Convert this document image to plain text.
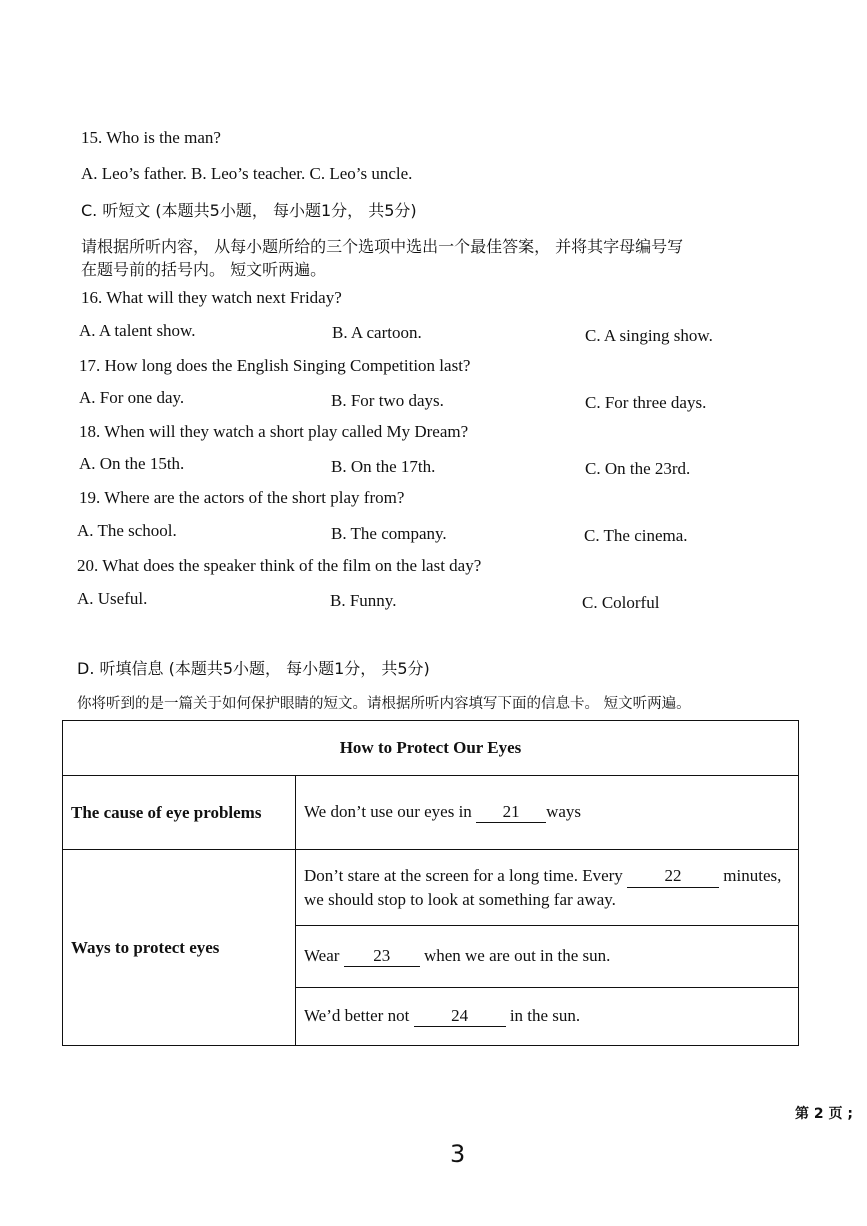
15. Who is the man?
A. Leo’s father. B. Leo’s teacher. C. Leo’s uncle.
C. 听短文 (本题共5小题， 每小题1分， 共5分)
请根据所听内容， 从每小题所给的三个选项中选出一个最佳答案， 并将其字母编号写
在题号前的括号内。 短文听两遍。
16. What will they watch next Friday?
A. A talent show.	B. A cartoon.	C. A singing show.
17. How long does the English Singing Competition last?
A. For one day.	B. For two days.	C. For three days.
18. When will they watch a short play called My Dream?
A. On the 15th.	B. On the 17th.	C. On the 23rd.
19. Where are the actors of the short play from?
A. The school.	B. The company.	C. The cinema.
20. What does the speaker think of the film on the last day?
A. Useful.	B. Funny.	C. Colorful
D. 听填信息 (本题共5小题， 每小题1分， 共5分)
你将听到的是一篇关于如何保护眼睛的短文。请根据所听内容填写下面的信息卡。 短文听两遍。
How to Protect Our Eyes	
The cause of eye problems	We don’t use our eyes in 21 ways
Ways to protect eyes	Don’t stare at the screen for a long time. Every 22 minutes, we should stop to look at something far away.
	Wear 23 when we are out in the sun.
	We’d better not 24 in the sun.
第 2 页 ;
3
